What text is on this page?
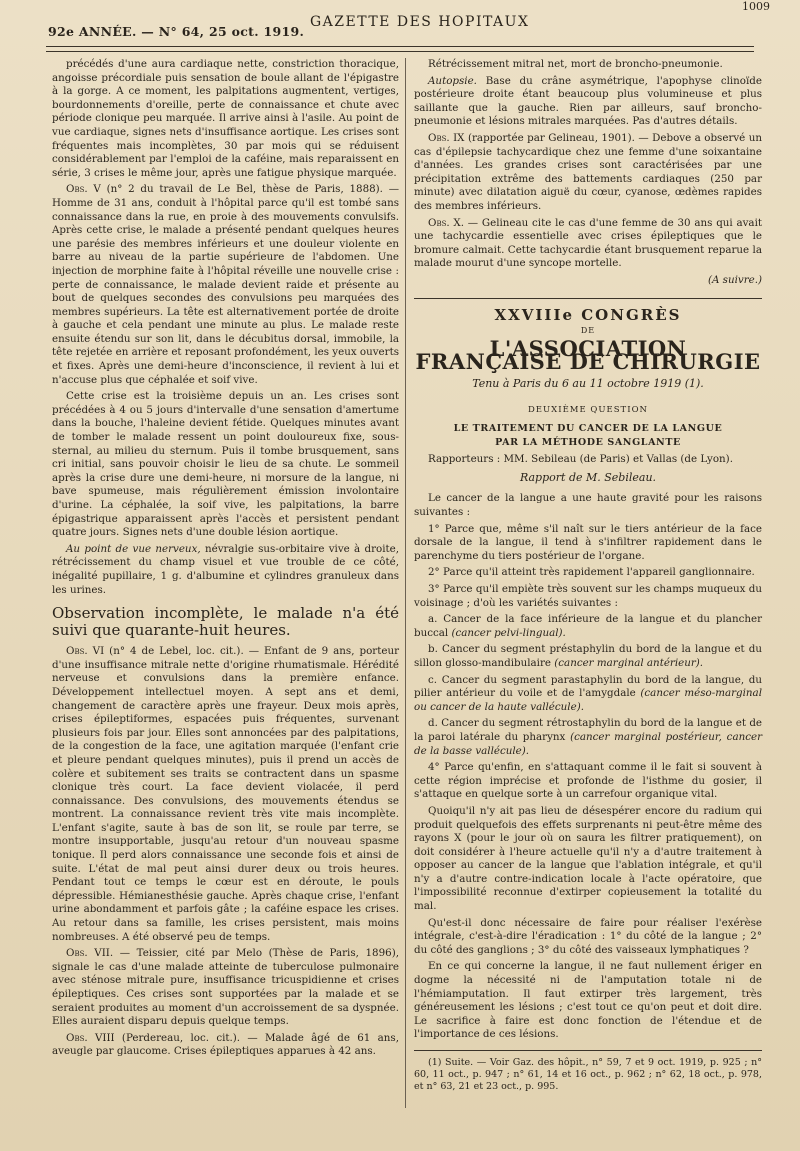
92e ANNÉE. — N° 64, 25 oct. 1919.
GAZETTE DES HOPITAUX
1009

précédés d'une aura cardiaque nette, constriction thoracique, angoisse précordiale puis sensation de boule allant de l'épigastre à la gorge. A ce moment, les palpitations augmentent, vertiges, bourdonnements d'oreille, perte de connaissance et chute avec période clonique peu marquée. Il arrive ainsi à l'asile. Au point de vue cardiaque, signes nets d'insuffisance aortique. Les crises sont fréquentes mais incomplètes, 30 par mois qui se réduisent considérablement par l'emploi de la caféine, mais reparaissent en série, 3 crises le même jour, après une fatigue physique marquée.

Obs. V (n° 2 du travail de Le Bel, thèse de Paris, 1888). — Homme de 31 ans, conduit à l'hôpital parce qu'il est tombé sans connaissance dans la rue, en proie à des mouvements convulsifs. Après cette crise, le malade a présenté pendant quelques heures une parésie des membres inférieurs et une douleur violente en barre au niveau de la partie supérieure de l'abdomen. Une injection de morphine faite à l'hôpital réveille une nouvelle crise : perte de connaissance, le malade devient raide et présente au bout de quelques secondes des convulsions peu marquées des membres supérieurs. La tête est alternativement portée de droite à gauche et cela pendant une minute au plus. Le malade reste ensuite étendu sur son lit, dans le décubitus dorsal, immobile, la tête rejetée en arrière et reposant profondément, les yeux ouverts et fixes. Après une demi-heure d'inconscience, il revient à lui et n'accuse plus que céphalée et soif vive.

Cette crise est la troisième depuis un an. Les crises sont précédées à 4 ou 5 jours d'intervalle d'une sensation d'amertume dans la bouche, l'haleine devient fétide. Quelques minutes avant de tomber le malade ressent un point douloureux fixe, sous-sternal, au milieu du sternum. Puis il tombe brusquement, sans cri initial, sans pouvoir choisir le lieu de sa chute. Le sommeil après la crise dure une demi-heure, ni morsure de la langue, ni bave spumeuse, mais régulièrement émission involontaire d'urine. La céphalée, la soif vive, les palpitations, la barre épigastrique apparaissent après l'accès et persistent pendant quatre jours. Signes nets d'une double lésion aortique.

Au point de vue nerveux, névralgie sus-orbitaire vive à droite, rétrécissement du champ visuel et vue trouble de ce côté, inégalité pupillaire, 1 g. d'albumine et cylindres granuleux dans les urines.

Observation incomplète, le malade n'a été suivi que quarante-huit heures.

Obs. VI (n° 4 de Lebel, loc. cit.). — Enfant de 9 ans, porteur d'une insuffisance mitrale nette d'origine rhumatismale. Hérédité nerveuse et convulsions dans la première enfance. Développement intellectuel moyen. A sept ans et demi, changement de caractère après une frayeur. Deux mois après, crises épileptiformes, espacées puis fréquentes, survenant plusieurs fois par jour. Elles sont annoncées par des palpitations, de la congestion de la face, une agitation marquée (l'enfant crie et pleure pendant quelques minutes), puis il prend un accès de colère et subitement ses traits se contractent dans un spasme clonique très court. La face devient violacée, il perd connaissance. Des convulsions, des mouvements étendus se montrent. La connaissance revient très vite mais incomplète. L'enfant s'agite, saute à bas de son lit, se roule par terre, se montre insupportable, jusqu'au retour d'un nouveau spasme tonique. Il perd alors connaissance une seconde fois et ainsi de suite. L'état de mal peut ainsi durer deux ou trois heures. Pendant tout ce temps le cœur est en déroute, le pouls dépressible. Hémianesthésie gauche. Après chaque crise, l'enfant urine abondamment et parfois gâte ; la caféine espace les crises. Au retour dans sa famille, les crises persistent, mais moins nombreuses. A été observé peu de temps.

Obs. VII. — Teissier, cité par Melo (Thèse de Paris, 1896), signale le cas d'une malade atteinte de tuberculose pulmonaire avec sténose mitrale pure, insuffisance tricuspidienne et crises épileptiques. Ces crises sont supportées par la malade et se seraient produites au moment d'un accroissement de sa dyspnée. Elles auraient disparu depuis quelque temps.

Obs. VIII (Perdereau, loc. cit.). — Malade âgé de 61 ans, aveugle par glaucome. Crises épileptiques apparues à 42 ans.

Rétrécissement mitral net, mort de broncho-pneumonie.

Autopsie. Base du crâne asymétrique, l'apophyse clinoïde postérieure droite étant beaucoup plus volumineuse et plus saillante que la gauche. Rien par ailleurs, sauf broncho-pneumonie et lésions mitrales marquées. Pas d'autres détails.

Obs. IX (rapportée par Gelineau, 1901). — Debove a observé un cas d'épilepsie tachycardique chez une femme d'une soixantaine d'années. Les grandes crises sont caractérisées par une précipitation extrême des battements cardiaques (250 par minute) avec dilatation aiguë du cœur, cyanose, œdèmes rapides des membres inférieurs.

Obs. X. — Gelineau cite le cas d'une femme de 30 ans qui avait une tachycardie essentielle avec crises épileptiques que le bromure calmait. Cette tachycardie étant brusquement reparue la malade mourut d'une syncope mortelle.

(A suivre.)

XXVIIIe CONGRÈS
DE
L'ASSOCIATION FRANÇAISE DE CHIRURGIE
Tenu à Paris du 6 au 11 octobre 1919 (1).
DEUXIÈME QUESTION
LE TRAITEMENT DU CANCER DE LA LANGUE
PAR LA MÉTHODE SANGLANTE

Rapporteurs : MM. Sebileau (de Paris) et Vallas (de Lyon).

Rapport de M. Sebileau.

Le cancer de la langue a une haute gravité pour les raisons suivantes :

1° Parce que, même s'il naît sur le tiers antérieur de la face dorsale de la langue, il tend à s'infiltrer rapidement dans le parenchyme du tiers postérieur de l'organe.

2° Parce qu'il atteint très rapidement l'appareil ganglionnaire.

3° Parce qu'il empiète très souvent sur les champs muqueux du voisinage ; d'où les variétés suivantes :

a. Cancer de la face inférieure de la langue et du plancher buccal (cancer pelvi-lingual).

b. Cancer du segment préstaphylin du bord de la langue et du sillon glosso-mandibulaire (cancer marginal antérieur).

c. Cancer du segment parastaphylin du bord de la langue, du pilier antérieur du voile et de l'amygdale (cancer méso-marginal ou cancer de la haute vallécule).

d. Cancer du segment rétrostaphylin du bord de la langue et de la paroi latérale du pharynx (cancer marginal postérieur, cancer de la basse vallécule).

4° Parce qu'enfin, en s'attaquant comme il le fait si souvent à cette région imprécise et profonde de l'isthme du gosier, il s'attaque en quelque sorte à un carrefour organique vital.

Quoiqu'il n'y ait pas lieu de désespérer encore du radium qui produit quelquefois des effets surprenants ni peut-être même des rayons X (pour le jour où on saura les filtrer pratiquement), on doit considérer à l'heure actuelle qu'il n'y a d'autre traitement à opposer au cancer de la langue que l'ablation intégrale, et qu'il n'y a d'autre contre-indication locale à l'acte opératoire, que l'impossibilité reconnue d'extirper copieusement la totalité du mal.

Qu'est-il donc nécessaire de faire pour réaliser l'exérèse intégrale, c'est-à-dire l'éradication : 1° du côté de la langue ; 2° du côté des ganglions ; 3° du côté des vaisseaux lymphatiques ?

En ce qui concerne la langue, il ne faut nullement ériger en dogme la nécessité ni de l'amputation totale ni de l'hémiamputation. Il faut extirper très largement, très généreusement les lésions ; c'est tout ce qu'on peut et doit dire. Le sacrifice à faire est donc fonction de l'étendue et de l'importance de ces lésions.

(1) Suite. — Voir Gaz. des hôpit., n° 59, 7 et 9 oct. 1919, p. 925 ; n° 60, 11 oct., p. 947 ; n° 61, 14 et 16 oct., p. 962 ; n° 62, 18 oct., p. 978, et n° 63, 21 et 23 oct., p. 995.
